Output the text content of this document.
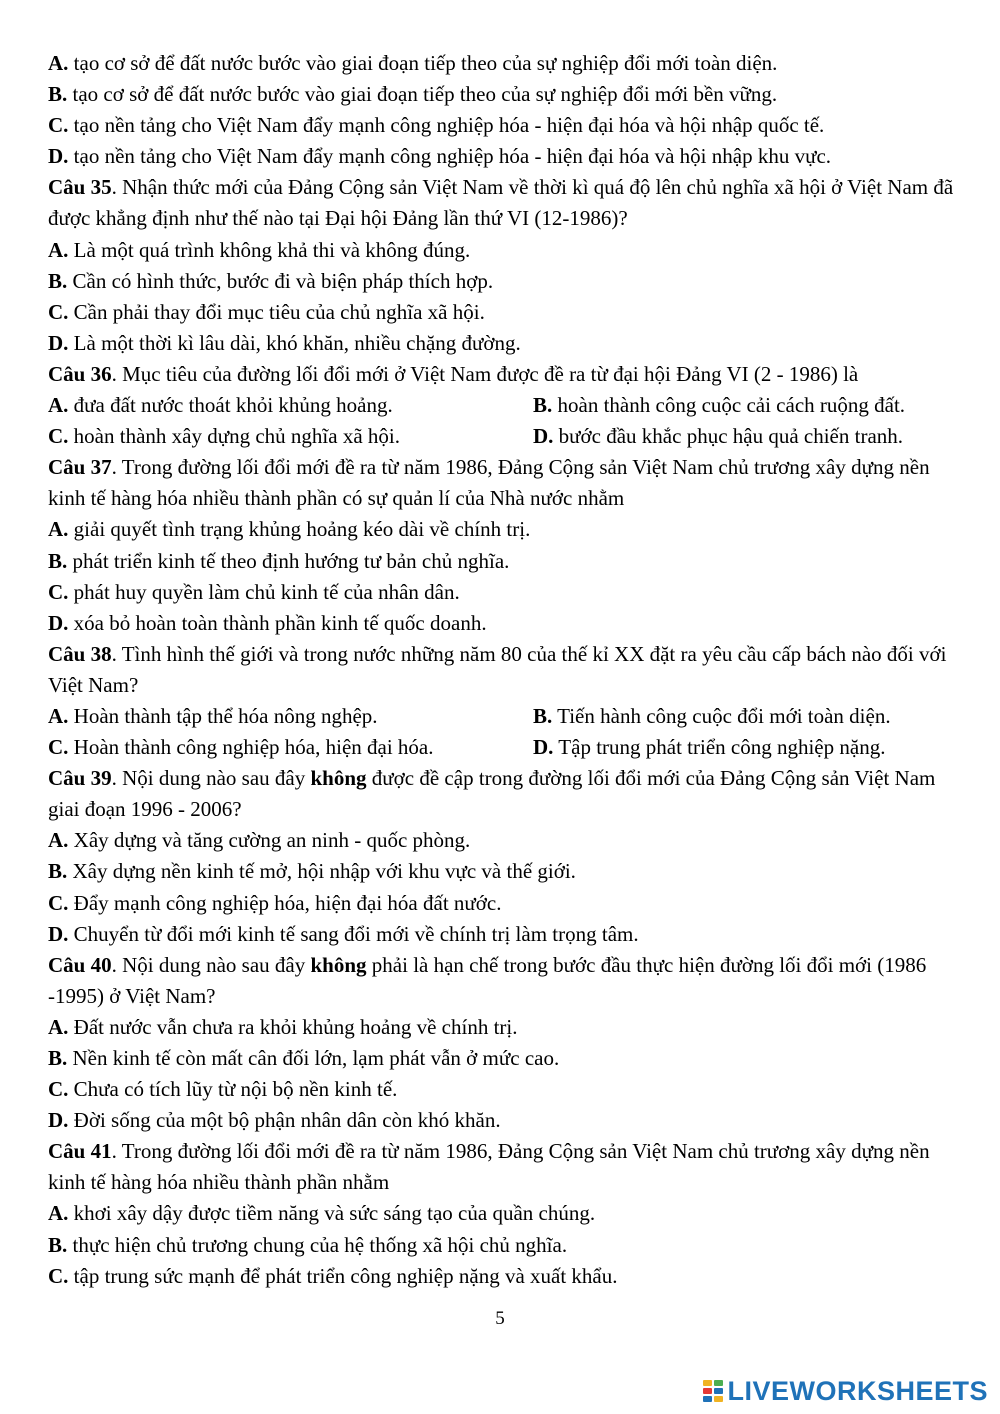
A. tạo cơ sở để đất nước bước vào giai đoạn tiếp theo của sự nghiệp đổi mới toàn diện.
B. tạo cơ sở để đất nước bước vào giai đoạn tiếp theo của sự nghiệp đổi mới bền vững.
C. tạo nền tảng cho Việt Nam đẩy mạnh công nghiệp hóa - hiện đại hóa và hội nhập quốc tế.
D. tạo nền tảng cho Việt Nam đẩy mạnh công nghiệp hóa - hiện đại hóa và hội nhập khu vực.
Câu 35. Nhận thức mới của Đảng Cộng sản Việt Nam về thời kì quá độ lên chủ nghĩa xã hội ở Việt Nam đã được khẳng định như thế nào tại Đại hội Đảng lần thứ VI (12-1986)?
A. Là một quá trình không khả thi và không đúng.
B. Cần có hình thức, bước đi và biện pháp thích hợp.
C. Cần phải thay đổi mục tiêu của chủ nghĩa xã hội.
D. Là một thời kì lâu dài, khó khăn, nhiều chặng đường.
Câu 36. Mục tiêu của đường lối đổi mới ở Việt Nam được đề ra từ đại hội Đảng VI (2 - 1986) là
A. đưa đất nước thoát khỏi khủng hoảng.	B. hoàn thành công cuộc cải cách ruộng đất.
C. hoàn thành xây dựng chủ nghĩa xã hội.	D. bước đầu khắc phục hậu quả chiến tranh.
Câu 37. Trong đường lối đổi mới đề ra từ năm 1986, Đảng Cộng sản Việt Nam chủ trương xây dựng nền kinh tế hàng hóa nhiều thành phần có sự quản lí của Nhà nước nhằm
A. giải quyết tình trạng khủng hoảng kéo dài về chính trị.
B. phát triển kinh tế theo định hướng tư bản chủ nghĩa.
C. phát huy quyền làm chủ kinh tế của nhân dân.
D. xóa bỏ hoàn toàn thành phần kinh tế quốc doanh.
Câu 38. Tình hình thế giới và trong nước những năm 80 của thế kỉ XX đặt ra yêu cầu cấp bách nào đối với Việt Nam?
A. Hoàn thành tập thể hóa nông nghệp.	B. Tiến hành công cuộc đổi mới toàn diện.
C. Hoàn thành công nghiệp hóa, hiện đại hóa.	D. Tập trung phát triển công nghiệp nặng.
Câu 39. Nội dung nào sau đây không được đề cập trong đường lối đổi mới của Đảng Cộng sản Việt Nam giai đoạn 1996 - 2006?
A. Xây dựng và tăng cường an ninh - quốc phòng.
B. Xây dựng nền kinh tế mở, hội nhập với khu vực và thế giới.
C. Đẩy mạnh công nghiệp hóa, hiện đại hóa đất nước.
D. Chuyển từ đổi mới kinh tế sang đổi mới về chính trị làm trọng tâm.
Câu 40. Nội dung nào sau đây không phải là hạn chế trong bước đầu thực hiện đường lối đổi mới (1986 -1995) ở Việt Nam?
A. Đất nước vẫn chưa ra khỏi khủng hoảng về chính trị.
B. Nền kinh tế còn mất cân đối lớn, lạm phát vẫn ở mức cao.
C. Chưa có tích lũy từ nội bộ nền kinh tế.
D. Đời sống của một bộ phận nhân dân còn khó khăn.
Câu 41. Trong đường lối đổi mới đề ra từ năm 1986, Đảng Cộng sản Việt Nam chủ trương xây dựng nền kinh tế hàng hóa nhiều thành phần nhằm
A. khơi xây dậy được tiềm năng và sức sáng tạo của quần chúng.
B. thực hiện chủ trương chung của hệ thống xã hội chủ nghĩa.
C. tập trung sức mạnh để phát triển công nghiệp nặng và xuất khẩu.
5
LIVEWORKSHEETS
